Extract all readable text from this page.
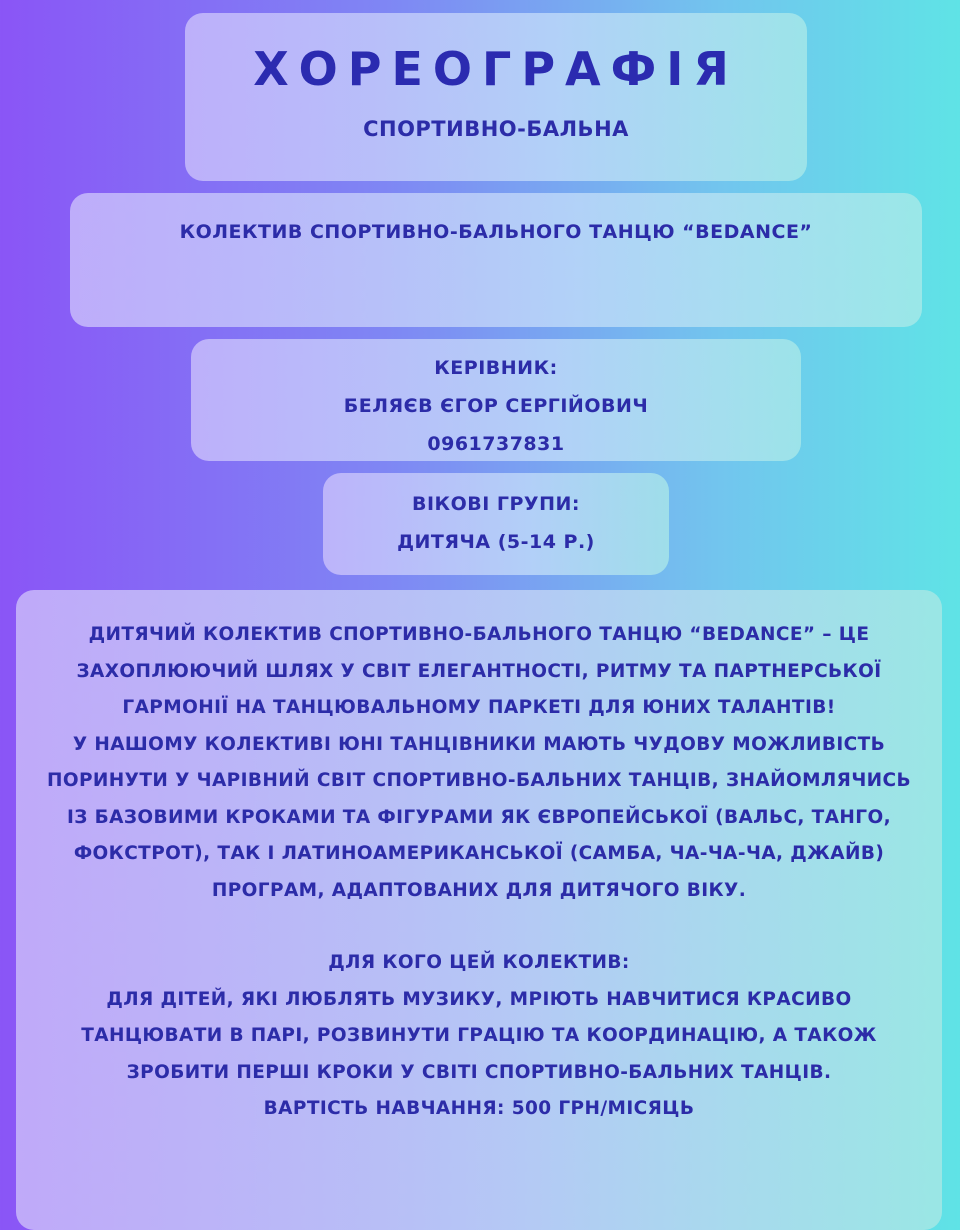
ХОРЕОГРАФІЯ
СПОРТИВНО-БАЛЬНА
КОЛЕКТИВ СПОРТИВНО-БАЛЬНОГО ТАНЦЮ “BEDANCE”
КЕРІВНИК:
БЕЛЯЄВ ЄГОР СЕРГІЙОВИЧ
0961737831
ВІКОВІ ГРУПИ:
ДИТЯЧА (5-14 Р.)
ДИТЯЧИЙ КОЛЕКТИВ СПОРТИВНО-БАЛЬНОГО ТАНЦЮ “BEDANCE” – ЦЕ
ЗАХОПЛЮЮЧИЙ ШЛЯХ У СВІТ ЕЛЕГАНТНОСТІ, РИТМУ ТА ПАРТНЕРСЬКОЇ
ГАРМОНІЇ НА ТАНЦЮВАЛЬНОМУ ПАРКЕТІ ДЛЯ ЮНИХ ТАЛАНТІВ!
У НАШОМУ КОЛЕКТИВІ ЮНІ ТАНЦІВНИКИ МАЮТЬ ЧУДОВУ МОЖЛИВІСТЬ
ПОРИНУТИ У ЧАРІВНИЙ СВІТ СПОРТИВНО-БАЛЬНИХ ТАНЦІВ, ЗНАЙОМЛЯЧИСЬ
ІЗ БАЗОВИМИ КРОКАМИ ТА ФІГУРАМИ ЯК ЄВРОПЕЙСЬКОЇ (ВАЛЬС, ТАНГО,
ФОКСТРОТ), ТАК І ЛАТИНОАМЕРИКАНСЬКОЇ (САМБА, ЧА-ЧА-ЧА, ДЖАЙВ)
ПРОГРАМ, АДАПТОВАНИХ ДЛЯ ДИТЯЧОГО ВІКУ.
ДЛЯ КОГО ЦЕЙ КОЛЕКТИВ:
ДЛЯ ДІТЕЙ, ЯКІ ЛЮБЛЯТЬ МУЗИКУ, МРІЮТЬ НАВЧИТИСЯ КРАСИВО
ТАНЦЮВАТИ В ПАРІ, РОЗВИНУТИ ГРАЦІЮ ТА КООРДИНАЦІЮ, А ТАКОЖ
ЗРОБИТИ ПЕРШІ КРОКИ У СВІТІ СПОРТИВНО-БАЛЬНИХ ТАНЦІВ.
ВАРТІСТЬ НАВЧАННЯ: 500 ГРН/МІСЯЦЬ
